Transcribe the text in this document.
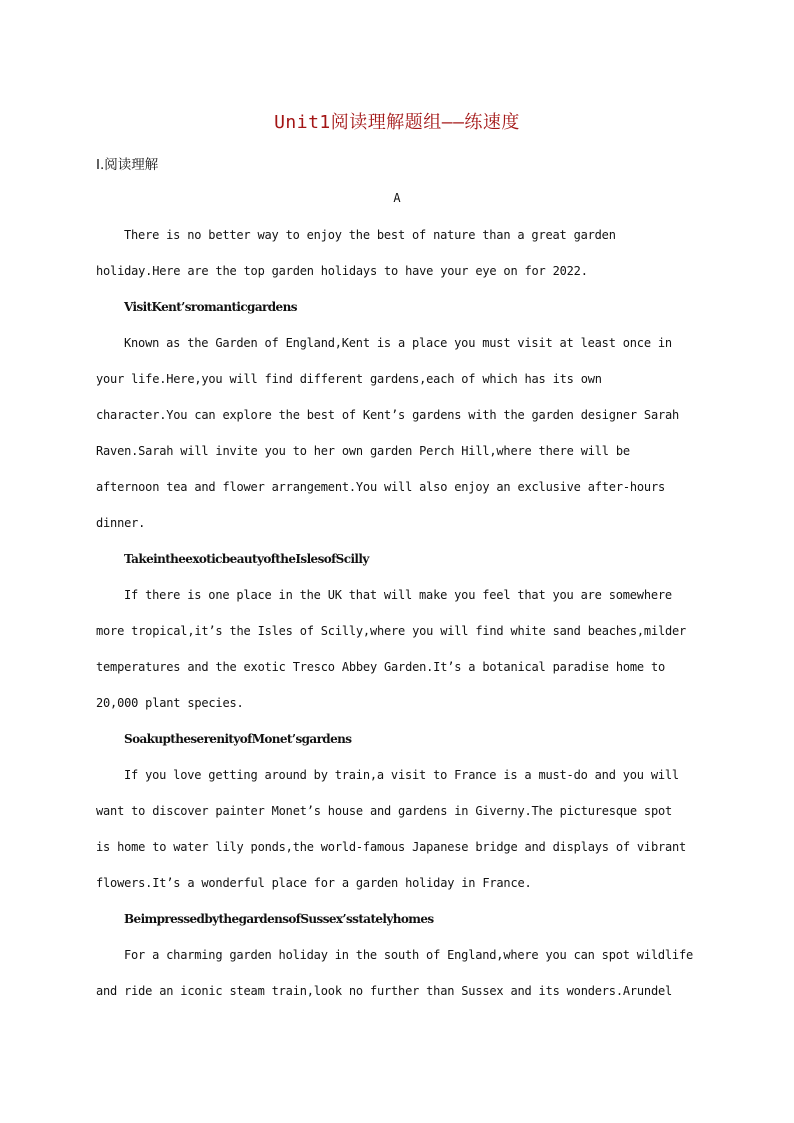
Unit1阅读理解题组——练速度
Ⅰ.阅读理解
A
There is no better way to enjoy the best of nature than a great garden
holiday.Here are the top garden holidays to have your eye on for 2022.
VisitKent’sromanticgardens
Known as the Garden of England,Kent is a place you must visit at least once in
your life.Here,you will find different gardens,each of which has its own
character.You can explore the best of Kent’s gardens with the garden designer Sarah
Raven.Sarah will invite you to her own garden Perch Hill,where there will be
afternoon tea and flower arrangement.You will also enjoy an exclusive after-hours
dinner.
TakeintheexoticbeautyoftheIslesofScilly
If there is one place in the UK that will make you feel that you are somewhere
more tropical,it’s the Isles of Scilly,where you will find white sand beaches,milder
temperatures and the exotic Tresco Abbey Garden.It’s a botanical paradise home to
20,000 plant species.
SoakuptheserenityofMonet’sgardens
If you love getting around by train,a visit to France is a must-do and you will
want to discover painter Monet’s house and gardens in Giverny.The picturesque spot
is home to water lily ponds,the world-famous Japanese bridge and displays of vibrant
flowers.It’s a wonderful place for a garden holiday in France.
BeimpressedbythegardensofSussex’sstatelyhomes
For a charming garden holiday in the south of England,where you can spot wildlife
and ride an iconic steam train,look no further than Sussex and its wonders.Arundel
